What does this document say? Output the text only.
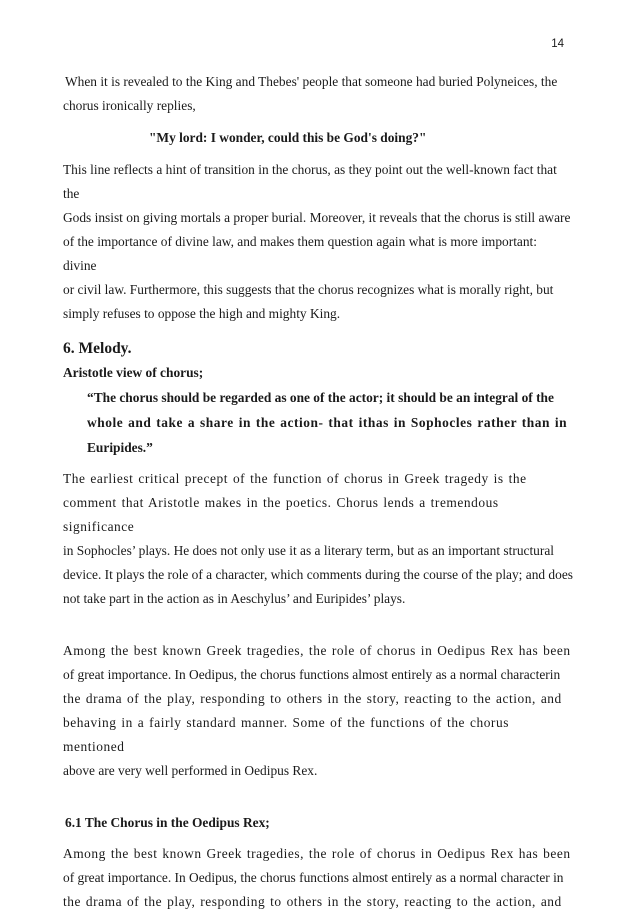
14

When it is revealed to the King and Thebes' people that someone had buried Polyneices, the

chorus ironically replies,

"My lord: I wonder, could this be God's doing?"

This line reflects a hint of transition in the chorus, as they point out the well-known fact that the

Gods insist on giving mortals a proper burial. Moreover, it reveals that the chorus is still aware

of the importance of divine law, and makes them question again what is more important: divine

or civil law. Furthermore, this suggests that the chorus recognizes what is morally right, but

simply refuses to oppose the high and mighty King.

6. Melody.

Aristotle view of chorus;

“The chorus should be regarded as one of the actor; it should be an integral of the

whole and take a share in the action- that ithas in Sophocles rather than in

Euripides.”

The earliest critical precept of the function of chorus in Greek tragedy is the

comment that Aristotle makes in the poetics. Chorus lends a tremendous significance

in Sophocles’ plays. He does not only use it as a literary term, but as an important structural

device. It plays the role of a character, which comments during the course of the play; and does

not take part in the action as in Aeschylus’ and Euripides’ plays.

Among the best known Greek tragedies, the role of chorus in Oedipus Rex has been

of great importance. In Oedipus, the chorus functions almost entirely as a normal characterin

the drama of the play, responding to others in the story, reacting to the action, and

behaving in a fairly standard manner. Some of the functions of the chorus mentioned

above are very well performed in Oedipus Rex.

6.1 The Chorus in the Oedipus Rex;

Among the best known Greek tragedies, the role of chorus in Oedipus Rex has been

of great importance. In Oedipus, the chorus functions almost entirely as a normal character in

the drama of the play, responding to others in the story, reacting to the action, and
